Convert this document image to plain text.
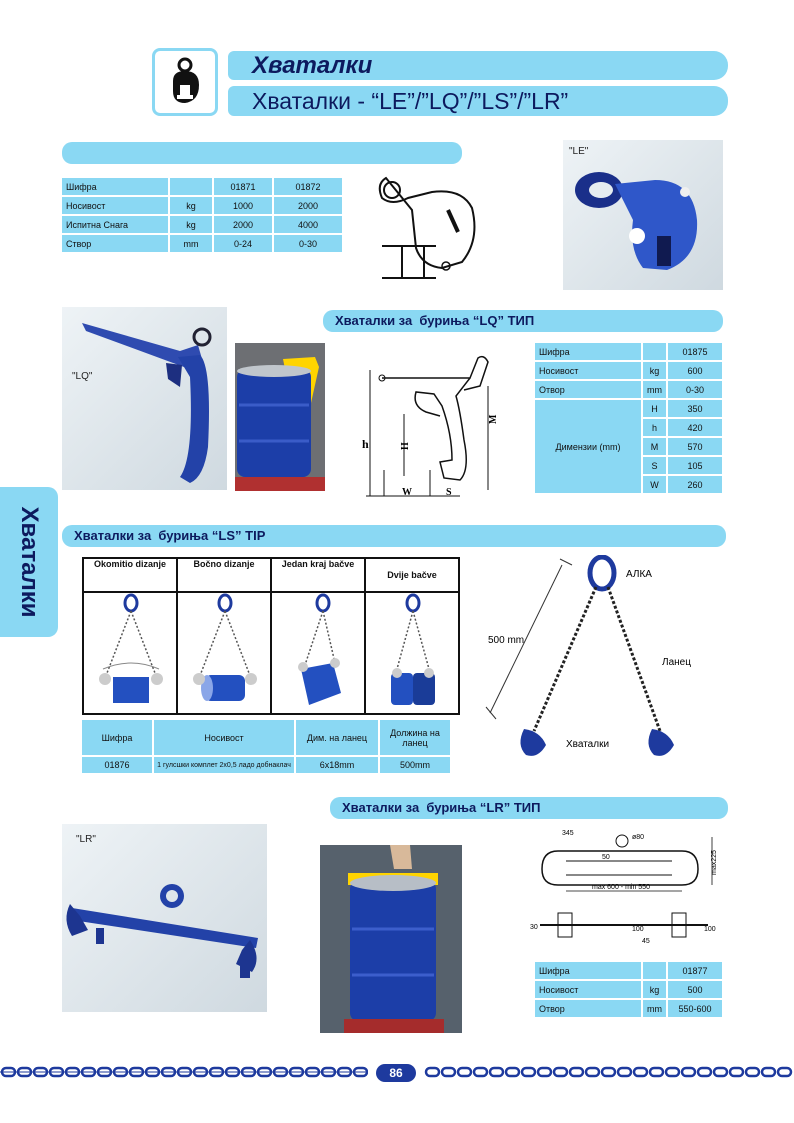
Хваталки
Хваталки - “LE”/”LQ”/”LS”/”LR”
Хваталки
Шифра		01871	01872
Носивост	kg	1000	2000
Испитна Снага	kg	2000	4000
Створ	mm	0-24	0-30
"LE"
"LQ"
Хваталки за  бурињa “LQ” ТИП
h	H
M
W	S
Шифра		01875
Носивост	kg	600
Отвор	mm	0-30
Димензии (mm)	H	350
	h	420
	M	570
	S	105
	W	260
Хваталки за  бурињa “LS” TIP
Okomitio dizanje	Bočno dizanje	Jedan kraj bačve	Dvije bačve

Шифра	Носивост	Дим. на ланец	Должина на ланец
01876	1 гулсшки комплет 2х0,5 ладо добнаклач	6x18mm	500mm
АЛКА
500 mm
Ланец
Хваталки
Хваталки за  бурињa “LR” ТИП
"LR"
345
ø80
50
max 600 - min 550
max225
30	100	100
45
Шифра		01877
Носивост	kg	500
Отвор	mm	550-600
86
